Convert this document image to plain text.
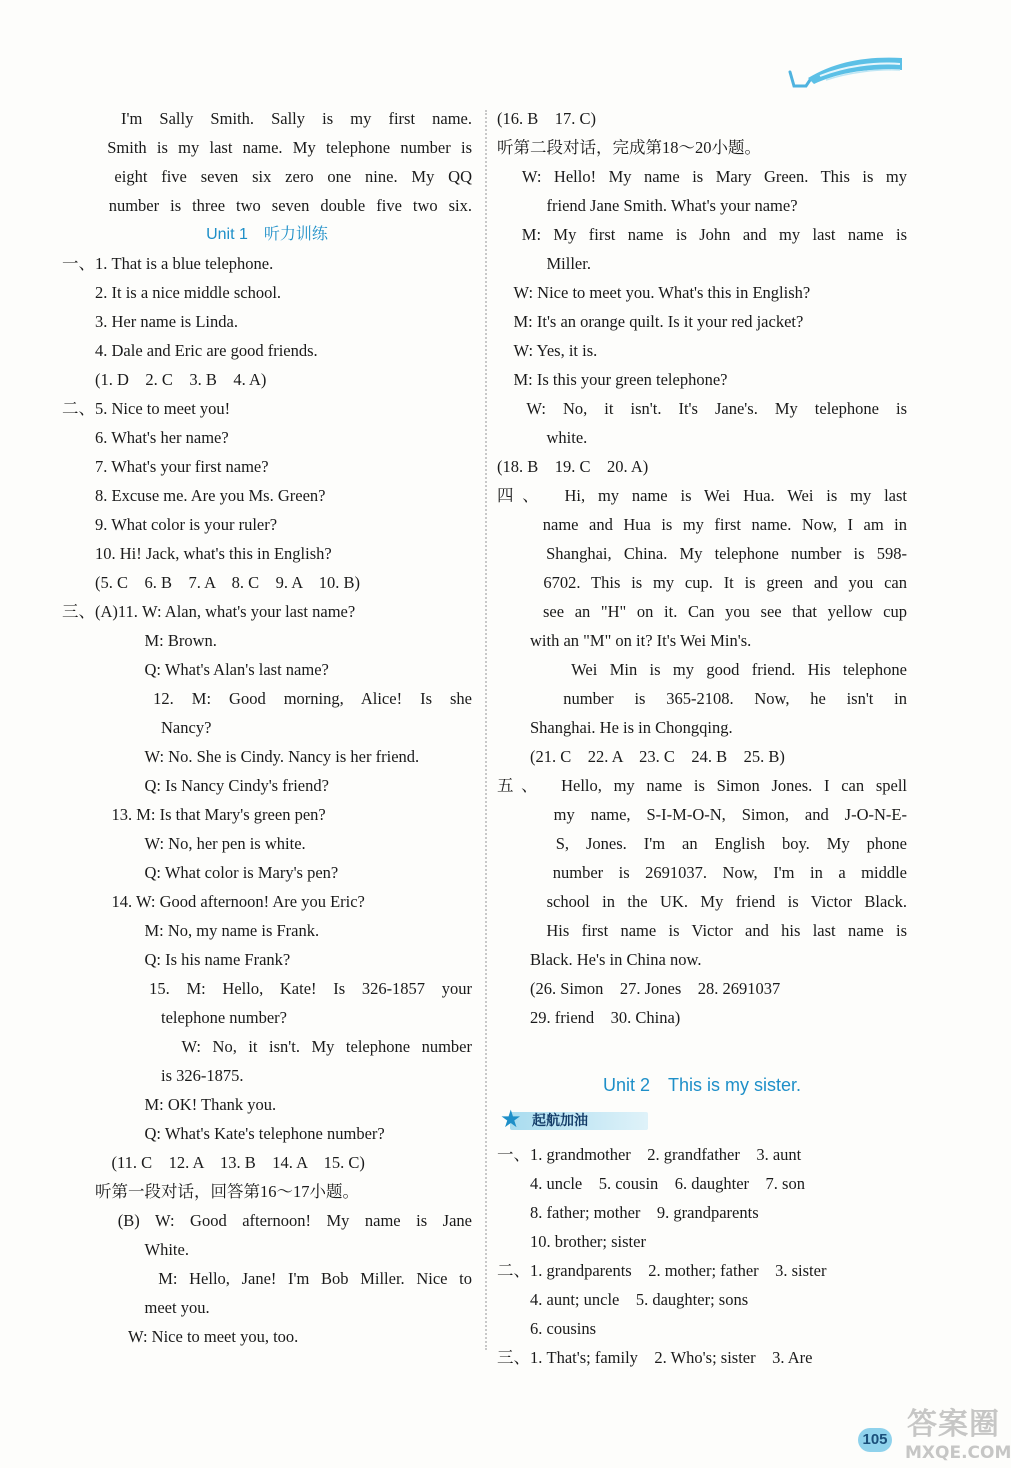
　　I'm Sally Smith. Sally is my first name.
　　Smith is my last name. My telephone number is
　　eight five seven six zero one nine. My QQ
　　number is three two seven double five two six.
Unit 1　听力训练
一、1. That is a blue telephone.
　　2. It is a nice middle school.
　　3. Her name is Linda.
　　4. Dale and Eric are good friends.
　　(1. D　2. C　3. B　4. A)
二、5. Nice to meet you!
　　6. What's her name?
　　7. What's your first name?
　　8. Excuse me. Are you Ms. Green?
　　9. What color is your ruler?
　　10. Hi! Jack, what's this in English?
　　(5. C　6. B　7. A　8. C　9. A　10. B)
三、(A)11. W: Alan, what's your last name?
　　　　　M: Brown.
　　　　　Q: What's Alan's last name?
　　　12. M: Good morning, Alice! Is she
　　　　　　Nancy?
　　　　　W: No. She is Cindy. Nancy is her friend.
　　　　　Q: Is Nancy Cindy's friend?
　　　13. M: Is that Mary's green pen?
　　　　　W: No, her pen is white.
　　　　　Q: What color is Mary's pen?
　　　14. W: Good afternoon! Are you Eric?
　　　　　M: No, my name is Frank.
　　　　　Q: Is his name Frank?
　　　15. M: Hello, Kate! Is 326-1857 your
　　　　　　telephone number?
　　　　　W: No, it isn't. My telephone number
　　　　　　is 326-1875.
　　　　　M: OK! Thank you.
　　　　　Q: What's Kate's telephone number?
　　　(11. C　12. A　13. B　14. A　15. C)
　　听第一段对话，回答第16～17小题。
　　(B) W: Good afternoon! My name is Jane
　　　　　White.
　　　　M: Hello, Jane! I'm Bob Miller. Nice to
　　　　　meet you.
　　　　W: Nice to meet you, too.
(16. B　17. C)
听第二段对话，完成第18～20小题。
　W: Hello! My name is Mary Green. This is my
　　　friend Jane Smith. What's your name?
　M: My first name is John and my last name is
　　　Miller.
　W: Nice to meet you. What's this in English?
　M: It's an orange quilt. Is it your red jacket?
　W: Yes, it is.
　M: Is this your green telephone?
　W: No, it isn't. It's Jane's. My telephone is
　　　white.
(18. B　19. C　20. A)
四、　Hi, my name is Wei Hua. Wei is my last
　　name and Hua is my first name. Now, I am in
　　Shanghai, China. My telephone number is 598-
　　6702. This is my cup. It is green and you can
　　see an "H" on it. Can you see that yellow cup
　　with an "M" on it? It's Wei Min's.
　　　Wei Min is my good friend. His telephone
　　number is 365-2108. Now, he isn't in
　　Shanghai. He is in Chongqing.
　　(21. C　22. A　23. C　24. B　25. B)
五、　Hello, my name is Simon Jones. I can spell
　　my name, S-I-M-O-N, Simon, and J-O-N-E-
　　S, Jones. I'm an English boy. My phone
　　number is 2691037. Now, I'm in a middle
　　school in the UK. My friend is Victor Black.
　　His first name is Victor and his last name is
　　Black. He's in China now.
　　(26. Simon　27. Jones　28. 2691037
　　29. friend　30. China)
Unit 2　This is my sister.
★ 起航加油
一、1. grandmother　2. grandfather　3. aunt
　　4. uncle　5. cousin　6. daughter　7. son
　　8. father; mother　9. grandparents
　　10. brother; sister
二、1. grandparents　2. mother; father　3. sister
　　4. aunt; uncle　5. daughter; sons
　　6. cousins
三、1. That's; family　2. Who's; sister　3. Are
105 答案圈
MXQE.COM
